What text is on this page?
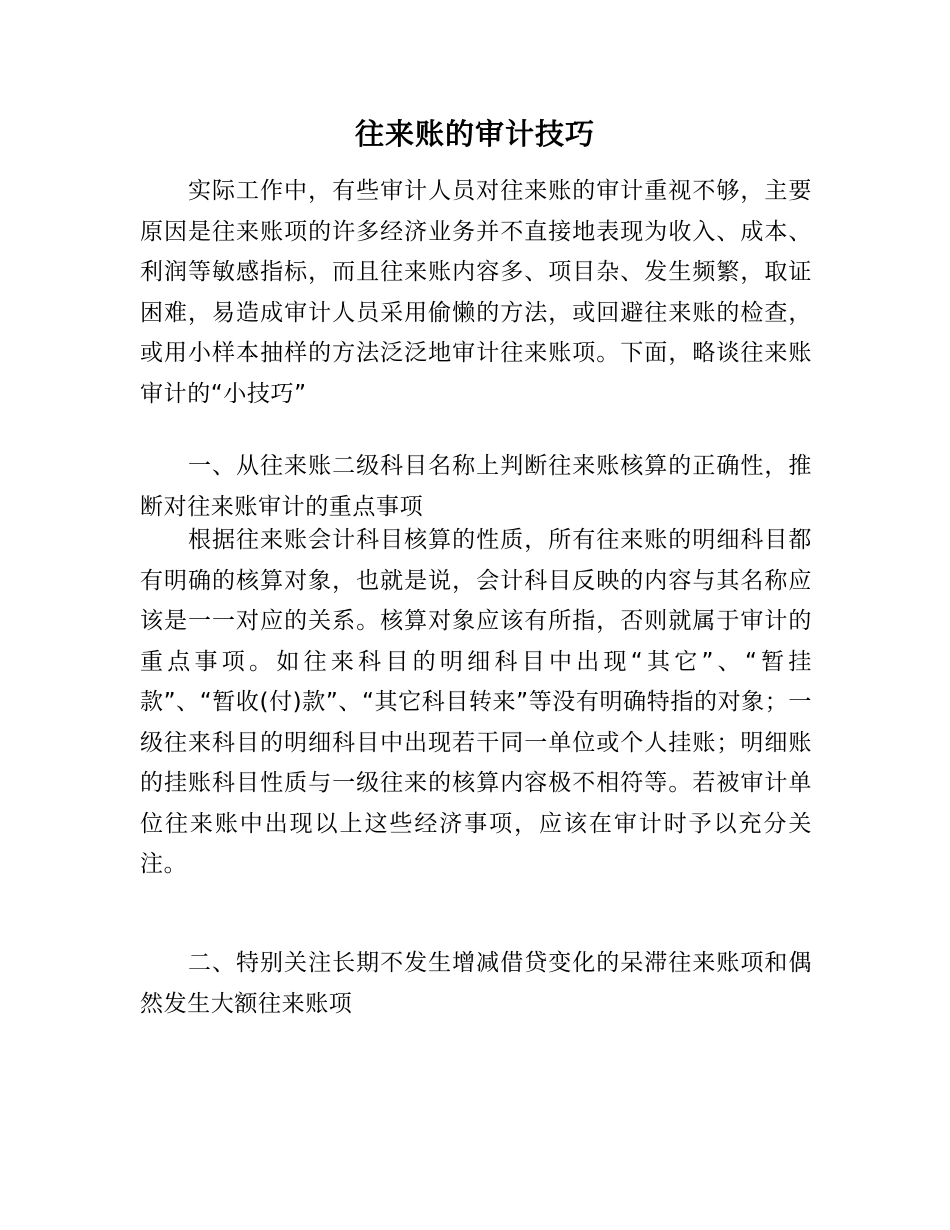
往来账的审计技巧

实际工作中，有些审计人员对往来账的审计重视不够，主要原因是往来账项的许多经济业务并不直接地表现为收入、成本、利润等敏感指标，而且往来账内容多、项目杂、发生频繁，取证困难，易造成审计人员采用偷懒的方法，或回避往来账的检查，或用小样本抽样的方法泛泛地审计往来账项。下面，略谈往来账审计的“小技巧”

一、从往来账二级科目名称上判断往来账核算的正确性，推断对往来账审计的重点事项

根据往来账会计科目核算的性质，所有往来账的明细科目都有明确的核算对象，也就是说，会计科目反映的内容与其名称应该是一一对应的关系。核算对象应该有所指，否则就属于审计的重点事项。如往来科目的明细科目中出现“其它”、“暂挂款”、“暂收(付)款”、“其它科目转来”等没有明确特指的对象；一级往来科目的明细科目中出现若干同一单位或个人挂账；明细账的挂账科目性质与一级往来的核算内容极不相符等。若被审计单位往来账中出现以上这些经济事项，应该在审计时予以充分关注。

二、特别关注长期不发生增减借贷变化的呆滞往来账项和偶然发生大额往来账项
